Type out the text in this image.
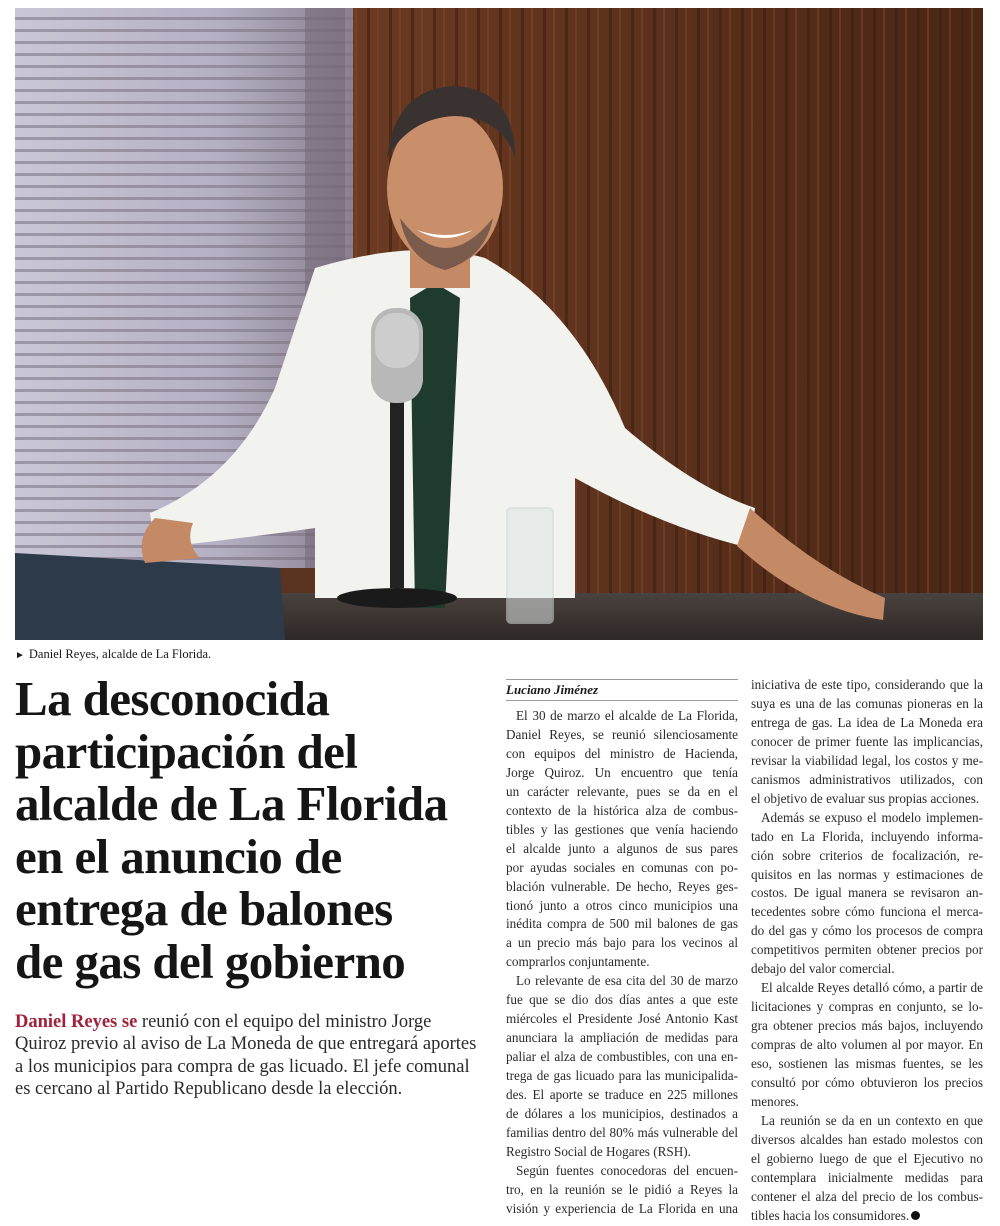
► Daniel Reyes, alcalde de La Florida.
La desconocida
participación del
alcalde de La Florida
en el anuncio de
entrega de balones
de gas del gobierno
Daniel Reyes se reunió con el equipo del ministro Jorge
Quiroz previo al aviso de La Moneda de que entregará aportes
a los municipios para compra de gas licuado. El jefe comunal
es cercano al Partido Republicano desde la elección.
Luciano Jiménez
El 30 de marzo el alcalde de La Florida,
Daniel Reyes, se reunió silenciosamente
con equipos del ministro de Hacienda,
Jorge Quiroz. Un encuentro que tenía
un carácter relevante, pues se da en el
contexto de la histórica alza de combus-
tibles y las gestiones que venía haciendo
el alcalde junto a algunos de sus pares
por ayudas sociales en comunas con po-
blación vulnerable. De hecho, Reyes ges-
tionó junto a otros cinco municipios una
inédita compra de 500 mil balones de gas
a un precio más bajo para los vecinos al
comprarlos conjuntamente.
Lo relevante de esa cita del 30 de marzo
fue que se dio dos días antes a que este
miércoles el Presidente José Antonio Kast
anunciara la ampliación de medidas para
paliar el alza de combustibles, con una en-
trega de gas licuado para las municipalida-
des. El aporte se traduce en 225 millones
de dólares a los municipios, destinados a
familias dentro del 80% más vulnerable del
Registro Social de Hogares (RSH).
Según fuentes conocedoras del encuen-
tro, en la reunión se le pidió a Reyes la
visión y experiencia de La Florida en una
iniciativa de este tipo, considerando que la
suya es una de las comunas pioneras en la
entrega de gas. La idea de La Moneda era
conocer de primer fuente las implicancias,
revisar la viabilidad legal, los costos y me-
canismos administrativos utilizados, con
el objetivo de evaluar sus propias acciones.
Además se expuso el modelo implemen-
tado en La Florida, incluyendo informa-
ción sobre criterios de focalización, re-
quisitos en las normas y estimaciones de
costos. De igual manera se revisaron an-
tecedentes sobre cómo funciona el merca-
do del gas y cómo los procesos de compra
competitivos permiten obtener precios por
debajo del valor comercial.
El alcalde Reyes detalló cómo, a partir de
licitaciones y compras en conjunto, se lo-
gra obtener precios más bajos, incluyendo
compras de alto volumen al por mayor. En
eso, sostienen las mismas fuentes, se les
consultó por cómo obtuvieron los precios
menores.
La reunión se da en un contexto en que
diversos alcaldes han estado molestos con
el gobierno luego de que el Ejecutivo no
contemplara inicialmente medidas para
contener el alza del precio de los combus-
tibles hacia los consumidores.
